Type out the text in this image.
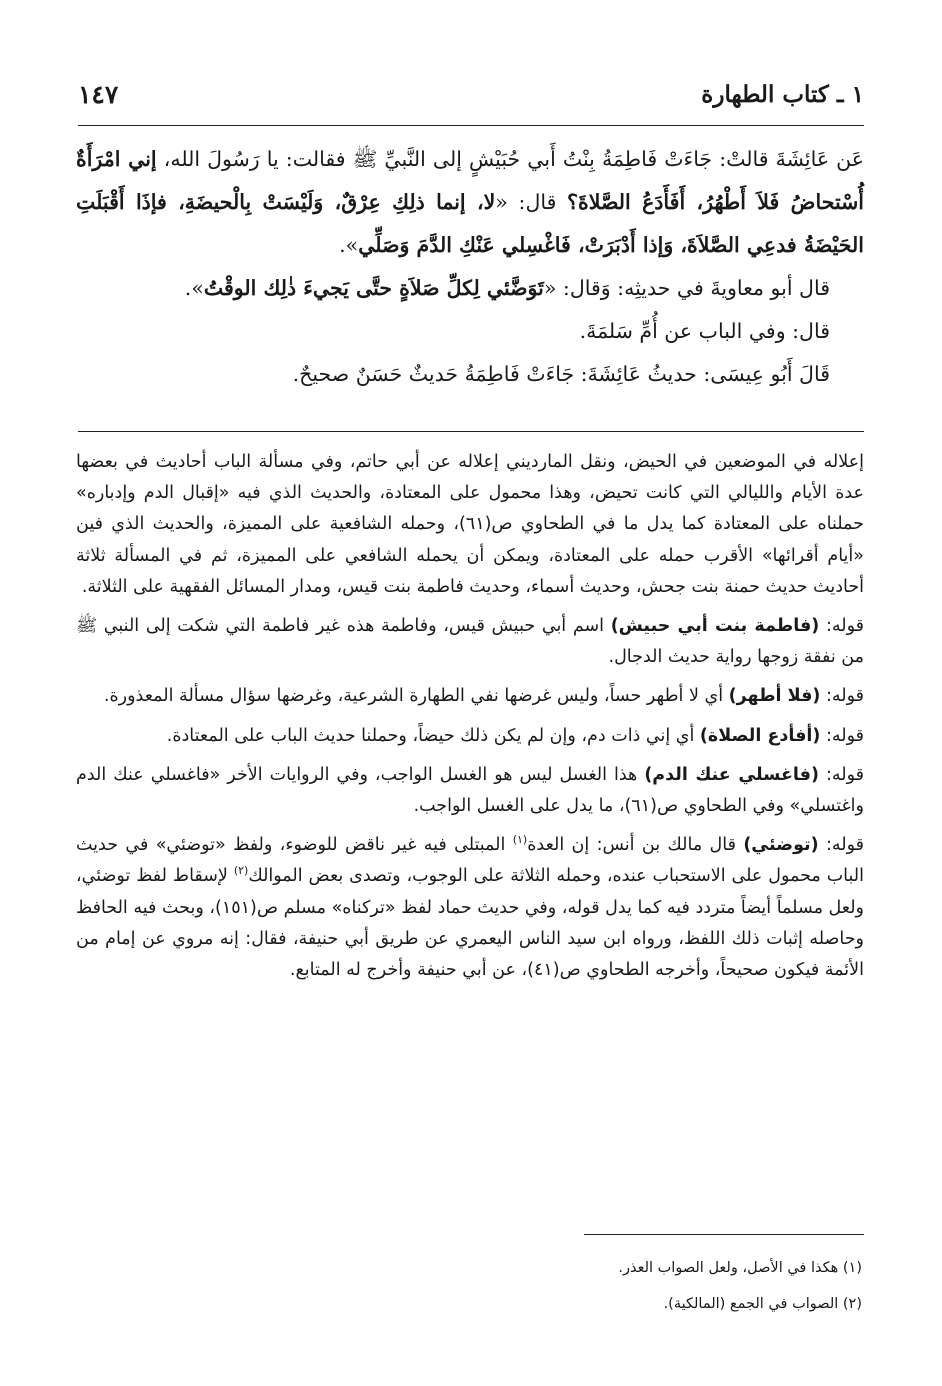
١ ـ كتاب الطهارة
١٤٧

عَن عَائِشَةَ قالتْ: جَاءَتْ فَاطِمَةُ بِنْتُ أَبي حُبَيْشٍ إلى النَّبيِّ ﷺ فقالت: يا رَسُولَ الله، إني امْرَأَةٌ أُسْتحاضُ فَلاَ أَطْهُرُ، أَفَأَدَعُ الصَّلاةَ؟ قال: «لا، إنما ذلِكِ عِرْقٌ، وَلَيْسَتْ بِالْحيضَةِ، فإذَا أَقْبَلَتِ الحَيْضَةُ فدعِي الصَّلاَةَ، وَإذا أَدْبَرَتْ، فَاغْسِلي عَنْكِ الدَّمَ وَصَلِّي».

قال أبو معاويةَ في حديثِه: وَقال: «تَوَضَّئي لِكلِّ صَلاَةٍ حتَّى يَجيءَ ذٰلِك الوقْتُ».

قال: وفي الباب عن أُمِّ سَلمَةَ.

قَالَ أَبُو عِيسَى: حديثُ عَائِشَةَ: جَاءَتْ فَاطِمَةُ حَديثٌ حَسَنٌ صحيحٌ.

إعلاله في الموضعين في الحيض، ونقل المارديني إعلاله عن أبي حاتم، وفي مسألة الباب أحاديث في بعضها عدة الأيام والليالي التي كانت تحيض، وهذا محمول على المعتادة، والحديث الذي فيه «إقبال الدم وإدباره» حملناه على المعتادة كما يدل ما في الطحاوي ص(٦١)، وحمله الشافعية على المميزة، والحديث الذي فين «أيام أقرائها» الأقرب حمله على المعتادة، ويمكن أن يحمله الشافعي على المميزة، ثم في المسألة ثلاثة أحاديث حديث حمنة بنت جحش، وحديث أسماء، وحديث فاطمة بنت قيس، ومدار المسائل الفقهية على الثلاثة.

قوله: (فاطمة بنت أبي حبيش) اسم أبي حبيش قيس، وفاطمة هذه غير فاطمة التي شكت إلى النبي ﷺ من نفقة زوجها رواية حديث الدجال.

قوله: (فلا أطهر) أي لا أطهر حساً، وليس غرضها نفي الطهارة الشرعية، وغرضها سؤال مسألة المعذورة.

قوله: (أفأدع الصلاة) أي إني ذات دم، وإن لم يكن ذلك حيضاً، وحملنا حديث الباب على المعتادة.

قوله: (فاغسلي عنك الدم) هذا الغسل ليس هو الغسل الواجب، وفي الروايات الأخر «فاغسلي عنك الدم واغتسلي» وفي الطحاوي ص(٦١)، ما يدل على الغسل الواجب.

قوله: (توضئي) قال مالك بن أنس: إن العدة$^{(١)}$ المبتلى فيه غير ناقض للوضوء، ولفظ «توضئي» في حديث الباب محمول على الاستحباب عنده، وحمله الثلاثة على الوجوب، وتصدى بعض الموالك$^{(٢)}$ لإسقاط لفظ توضئي، ولعل مسلماً أيضاً متردد فيه كما يدل قوله، وفي حديث حماد لفظ «تركناه» مسلم ص(١٥١)، وبحث فيه الحافظ وحاصله إثبات ذلك اللفظ، ورواه ابن سيد الناس اليعمري عن طريق أبي حنيفة، فقال: إنه مروي عن إمام من الأئمة فيكون صحيحاً، وأخرجه الطحاوي ص(٤١)، عن أبي حنيفة وأخرج له المتابع.

(١) هكذا في الأصل، ولعل الصواب العذر.

(٢) الصواب في الجمع (المالكية).
